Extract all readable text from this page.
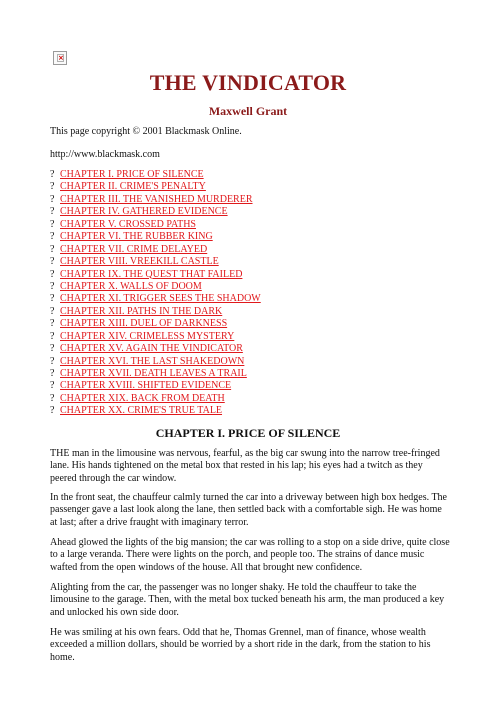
×
THE VINDICATOR
Maxwell Grant

This page copyright © 2001 Blackmask Online.

http://www.blackmask.com

? CHAPTER I. PRICE OF SILENCE
? CHAPTER II. CRIME'S PENALTY
? CHAPTER III. THE VANISHED MURDERER
? CHAPTER IV. GATHERED EVIDENCE
? CHAPTER V. CROSSED PATHS
? CHAPTER VI. THE RUBBER KING
? CHAPTER VII. CRIME DELAYED
? CHAPTER VIII. VREEKILL CASTLE
? CHAPTER IX. THE QUEST THAT FAILED
? CHAPTER X. WALLS OF DOOM
? CHAPTER XI. TRIGGER SEES THE SHADOW
? CHAPTER XII. PATHS IN THE DARK
? CHAPTER XIII. DUEL OF DARKNESS
? CHAPTER XIV. CRIMELESS MYSTERY
? CHAPTER XV. AGAIN THE VINDICATOR
? CHAPTER XVI. THE LAST SHAKEDOWN
? CHAPTER XVII. DEATH LEAVES A TRAIL
? CHAPTER XVIII. SHIFTED EVIDENCE
? CHAPTER XIX. BACK FROM DEATH
? CHAPTER XX. CRIME'S TRUE TALE
CHAPTER I. PRICE OF SILENCE

THE man in the limousine was nervous, fearful, as the big car swung into the narrow tree-fringed lane. His hands tightened on the metal box that rested in his lap; his eyes had a twitch as they peered through the car window.

In the front seat, the chauffeur calmly turned the car into a driveway between high box hedges. The passenger gave a last look along the lane, then settled back with a comfortable sigh. He was home at last; after a drive fraught with imaginary terror.

Ahead glowed the lights of the big mansion; the car was rolling to a stop on a side drive, quite close to a large veranda. There were lights on the porch, and people too. The strains of dance music wafted from the open windows of the house. All that brought new confidence.

Alighting from the car, the passenger was no longer shaky. He told the chauffeur to take the limousine to the garage. Then, with the metal box tucked beneath his arm, the man produced a key and unlocked his own side door.

He was smiling at his own fears. Odd that he, Thomas Grennel, man of finance, whose wealth exceeded a million dollars, should be worried by a short ride in the dark, from the station to his home.
